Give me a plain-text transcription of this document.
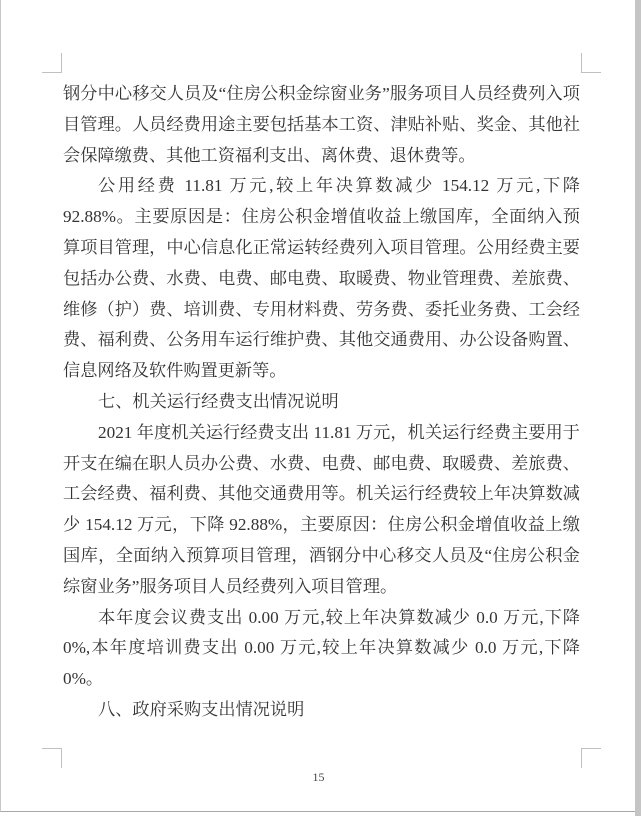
钢分中心移交人员及“住房公积金综窗业务”服务项目人员经费列入项目管理。人员经费用途主要包括基本工资、津贴补贴、奖金、其他社会保障缴费、其他工资福利支出、离休费、退休费等。

公用经费 11.81 万元,较上年决算数减少 154.12 万元,下降 92.88%。主要原因是：住房公积金增值收益上缴国库，全面纳入预算项目管理，中心信息化正常运转经费列入项目管理。公用经费主要包括办公费、水费、电费、邮电费、取暖费、物业管理费、差旅费、 维修（护）费、培训费、专用材料费、劳务费、委托业务费、工会经费、福利费、公务用车运行维护费、其他交通费用、办公设备购置、信息网络及软件购置更新等。

七、机关运行经费支出情况说明

2021 年度机关运行经费支出 11.81 万元，机关运行经费主要用于开支在编在职人员办公费、水费、电费、邮电费、取暖费、差旅费、 工会经费、福利费、其他交通费用等。机关运行经费较上年决算数减少 154.12 万元，下降 92.88%，主要原因：住房公积金增值收益上缴国库，全面纳入预算项目管理，酒钢分中心移交人员及“住房公积金综窗业务”服务项目人员经费列入项目管理。

本年度会议费支出 0.00 万元,较上年决算数减少 0.0 万元,下降 0%,本年度培训费支出 0.00 万元,较上年决算数减少 0.0 万元,下降 0%。

八、政府采购支出情况说明

15
